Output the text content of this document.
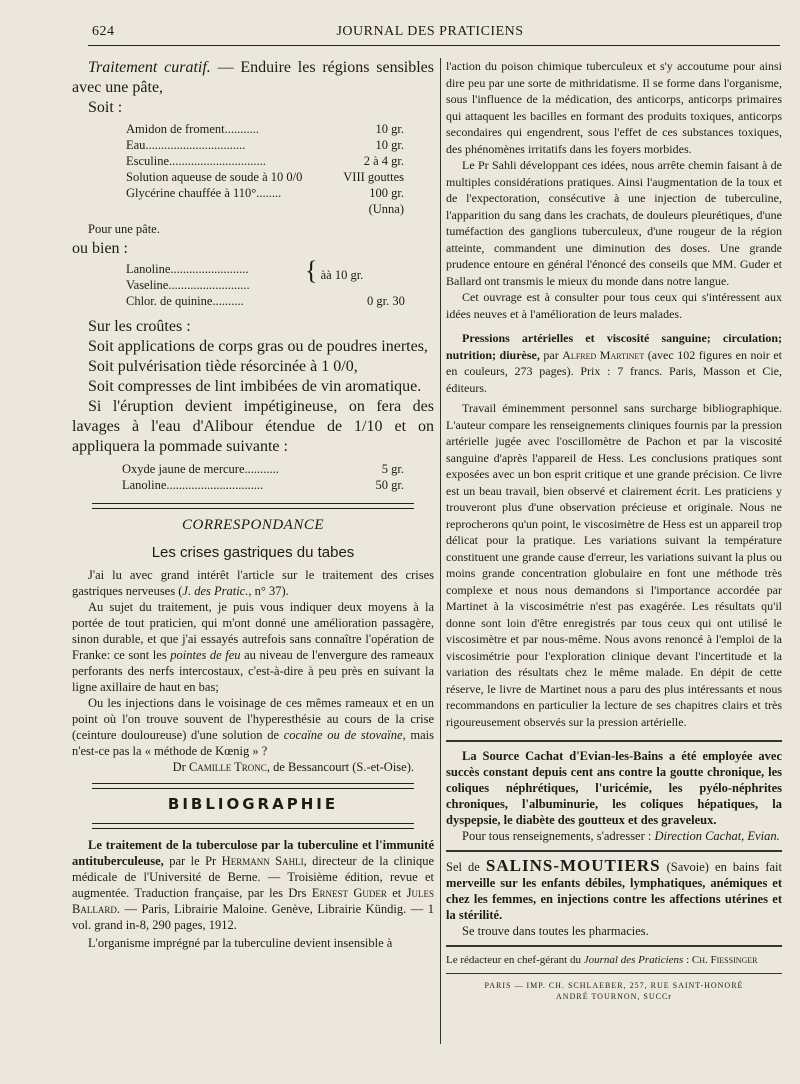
624	JOURNAL DES PRATICIENS

Traitement curatif. — Enduire les régions sensibles avec une pâte,

Soit :

Amidon de froment...........	10 gr.
Eau................................	10 gr.
Esculine...............................	2 à 4 gr.
Solution aqueuse de soude à 10 0/0	VIII gouttes
Glycérine chauffée à 110°........	100 gr.
	(Unna)

Pour une pâte.

ou bien :

Lanoline.........................	{ àà 10 gr.
Vaseline..........................	
Chlor. de quinine..........	0 gr. 30

Sur les croûtes :

Soit applications de corps gras ou de poudres inertes,

Soit pulvérisation tiède résorcinée à 1 0/0,

Soit compresses de lint imbibées de vin aromatique.

Si l'éruption devient impétigineuse, on fera des lavages à l'eau d'Alibour étendue de 1/10 et on appliquera la pommade suivante :

Oxyde jaune de mercure...........	5 gr.
Lanoline...............................	50 gr.
CORRESPONDANCE
Les crises gastriques du tabes

J'ai lu avec grand intérêt l'article sur le traitement des crises gastriques nerveuses (J. des Pratic., n° 37).

Au sujet du traitement, je puis vous indiquer deux moyens à la portée de tout praticien, qui m'ont donné une amélioration passagère, sinon durable, et que j'ai essayés autrefois sans connaître l'opération de Franke: ce sont les pointes de feu au niveau de l'envergure des rameaux perforants des nerfs intercostaux, c'est-à-dire à peu près en suivant la ligne axillaire de haut en bas;

Ou les injections dans le voisinage de ces mêmes rameaux et en un point où l'on trouve souvent de l'hyperesthésie au cours de la crise (ceinture douloureuse) d'une solution de cocaïne ou de stovaïne, mais n'est-ce pas la « méthode de Kœnig » ?

Dr Camille Tronc, de Bessancourt (S.-et-Oise).

BIBLIOGRAPHIE

Le traitement de la tuberculose par la tuberculine et l'immunité antituberculeuse, par le Pr Hermann Sahli, directeur de la clinique médicale de l'Université de Berne. — Troisième édition, revue et augmentée. Traduction française, par les Drs Ernest Guder et Jules Ballard. — Paris, Librairie Maloine. Genève, Librairie Kündig. — 1 vol. grand in-8, 290 pages, 1912.

L'organisme imprégné par la tuberculine devient insensible à

l'action du poison chimique tuberculeux et s'y accoutume pour ainsi dire peu par une sorte de mithridatisme. Il se forme dans l'organisme, sous l'influence de la médication, des anticorps, anticorps primaires qui attaquent les bacilles en formant des produits toxiques, anticorps secondaires qui engendrent, sous l'effet de ces substances toxiques, des phénomènes irritatifs dans les foyers morbides.

Le Pr Sahli développant ces idées, nous arrête chemin faisant à de multiples considérations pratiques. Ainsi l'augmentation de la toux et de l'expectoration, consécutive à une injection de tuberculine, l'apparition du sang dans les crachats, de douleurs pleurétiques, d'une tuméfaction des ganglions tuberculeux, d'une rougeur de la région atteinte, commandent une diminution des doses. Une grande prudence entoure en général l'énoncé des conseils que MM. Guder et Ballard ont transmis le mieux du monde dans notre langue.

Cet ouvrage est à consulter pour tous ceux qui s'intéressent aux idées neuves et à l'amélioration de leurs malades.

Pressions artérielles et viscosité sanguine; circulation; nutrition; diurèse, par Alfred Martinet (avec 102 figures en noir et en couleurs, 273 pages). Prix : 7 francs. Paris, Masson et Cie, éditeurs.

Travail éminemment personnel sans surcharge bibliographique. L'auteur compare les renseignements cliniques fournis par la pression artérielle jugée avec l'oscillomètre de Pachon et par la viscosité sanguine d'après l'appareil de Hess. Les conclusions pratiques sont exposées avec un bon esprit critique et une grande précision. Ce livre est un beau travail, bien observé et clairement écrit. Les praticiens y trouveront plus d'une observation précieuse et originale. Nous ne reprocherons qu'un point, le viscosimètre de Hess est un appareil trop délicat pour la pratique. Les variations suivant la température constituent une grande cause d'erreur, les variations suivant la plus ou moins grande concentration globulaire en font une méthode très complexe et nous nous demandons si l'importance accordée par Martinet à la viscosimétrie n'est pas exagérée. Les résultats qu'il donne sont loin d'être enregistrés par tous ceux qui ont utilisé le viscosimètre et par nous-même. Nous avons renoncé à l'emploi de la viscosimétrie pour l'exploration clinique devant l'incertitude et la variation des résultats chez le même malade. En dépit de cette réserve, le livre de Martinet nous a paru des plus intéressants et nous recommandons en particulier la lecture de ses chapitres clairs et très rigoureusement observés sur la pression artérielle.

La Source Cachat d'Evian-les-Bains a été employée avec succès constant depuis cent ans contre la goutte chronique, les coliques néphrétiques, l'uricémie, les pyélo-néphrites chroniques, l'albuminurie, les coliques hépatiques, la dyspepsie, le diabète des goutteux et des graveleux.

Pour tous renseignements, s'adresser : Direction Cachat, Evian.

Sel de SALINS-MOUTIERS (Savoie) en bains fait merveille sur les enfants débiles, lymphatiques, anémiques et chez les femmes, en injections contre les affections utérines et la stérilité.

Se trouve dans toutes les pharmacies.

Le rédacteur en chef-gérant du Journal des Praticiens : Ch. Fiessinger

PARIS — IMP. CH. SCHLAEBER, 257, RUE SAINT-HONORÉ
ANDRÉ TOURNON, SUCCr
